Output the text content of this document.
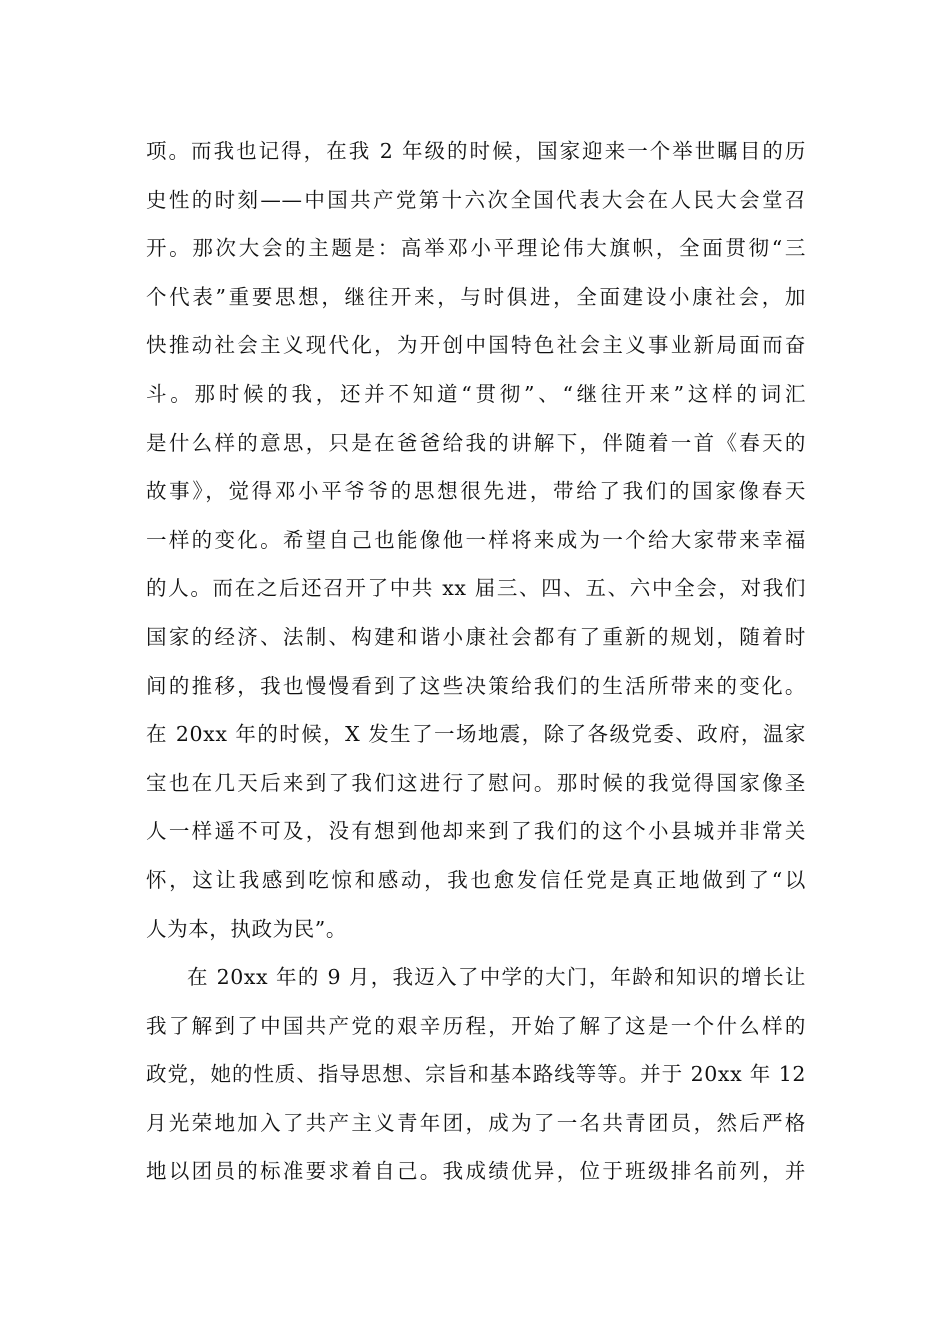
项。而我也记得，在我 2 年级的时候，国家迎来一个举世瞩目的历
史性的时刻——中国共产党第十六次全国代表大会在人民大会堂召
开。那次大会的主题是：高举邓小平理论伟大旗帜，全面贯彻“三
个代表”重要思想，继往开来，与时俱进，全面建设小康社会，加
快推动社会主义现代化，为开创中国特色社会主义事业新局面而奋
斗。那时候的我，还并不知道“贯彻”、“继往开来”这样的词汇
是什么样的意思，只是在爸爸给我的讲解下，伴随着一首《春天的
故事》，觉得邓小平爷爷的思想很先进，带给了我们的国家像春天
一样的变化。希望自己也能像他一样将来成为一个给大家带来幸福
的人。而在之后还召开了中共 xx 届三、四、五、六中全会，对我们
国家的经济、法制、构建和谐小康社会都有了重新的规划，随着时
间的推移，我也慢慢看到了这些决策给我们的生活所带来的变化。
在 20xx 年的时候，X 发生了一场地震，除了各级党委、政府，温家
宝也在几天后来到了我们这进行了慰问。那时候的我觉得国家像圣
人一样遥不可及，没有想到他却来到了我们的这个小县城并非常关
怀，这让我感到吃惊和感动，我也愈发信任党是真正地做到了“以
人为本，执政为民”。
在 20xx 年的 9 月，我迈入了中学的大门，年龄和知识的增长让
我了解到了中国共产党的艰辛历程，开始了解了这是一个什么样的
政党，她的性质、指导思想、宗旨和基本路线等等。并于 20xx 年 12
月光荣地加入了共产主义青年团，成为了一名共青团员，然后严格
地以团员的标准要求着自己。我成绩优异，位于班级排名前列，并
